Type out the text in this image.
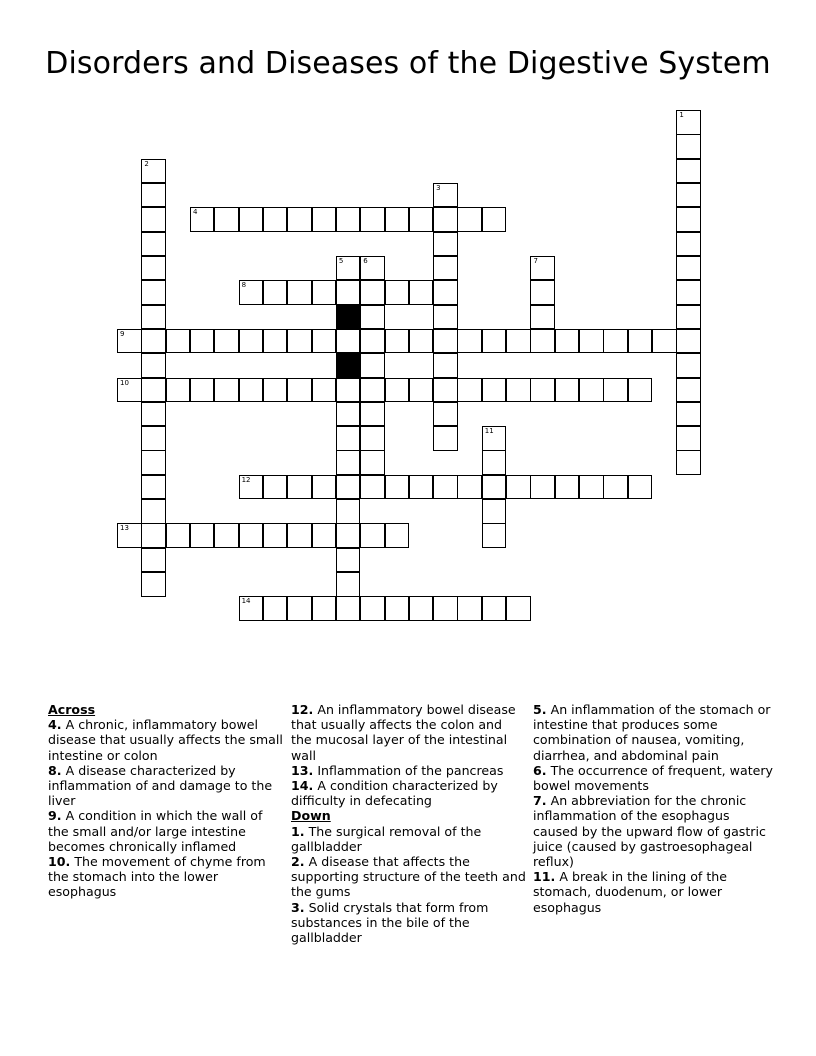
Disorders and Diseases of the Digestive System
1
2
3
4
5	6	7
8
9
10
11
12
13
14
Across

4. A chronic, inflammatory bowel disease that usually affects the small intestine or colon

8. A disease characterized by inflammation of and damage to the liver

9. A condition in which the wall of the small and/or large intestine becomes chronically inflamed

10. The movement of chyme from the stomach into the lower esophagus

12. An inflammatory bowel disease that usually affects the colon and the mucosal layer of the intestinal wall

13. Inflammation of the pancreas

14. A condition characterized by difficulty in defecating

Down

1. The surgical removal of the gallbladder

2. A disease that affects the supporting structure of the teeth and the gums

3. Solid crystals that form from substances in the bile of the gallbladder

5. An inflammation of the stomach or intestine that produces some combination of nausea, vomiting, diarrhea, and abdominal pain

6. The occurrence of frequent, watery bowel movements

7. An abbreviation for the chronic inflammation of the esophagus caused by the upward flow of gastric juice (caused by gastroesophageal reflux)

11. A break in the lining of the stomach, duodenum, or lower esophagus
